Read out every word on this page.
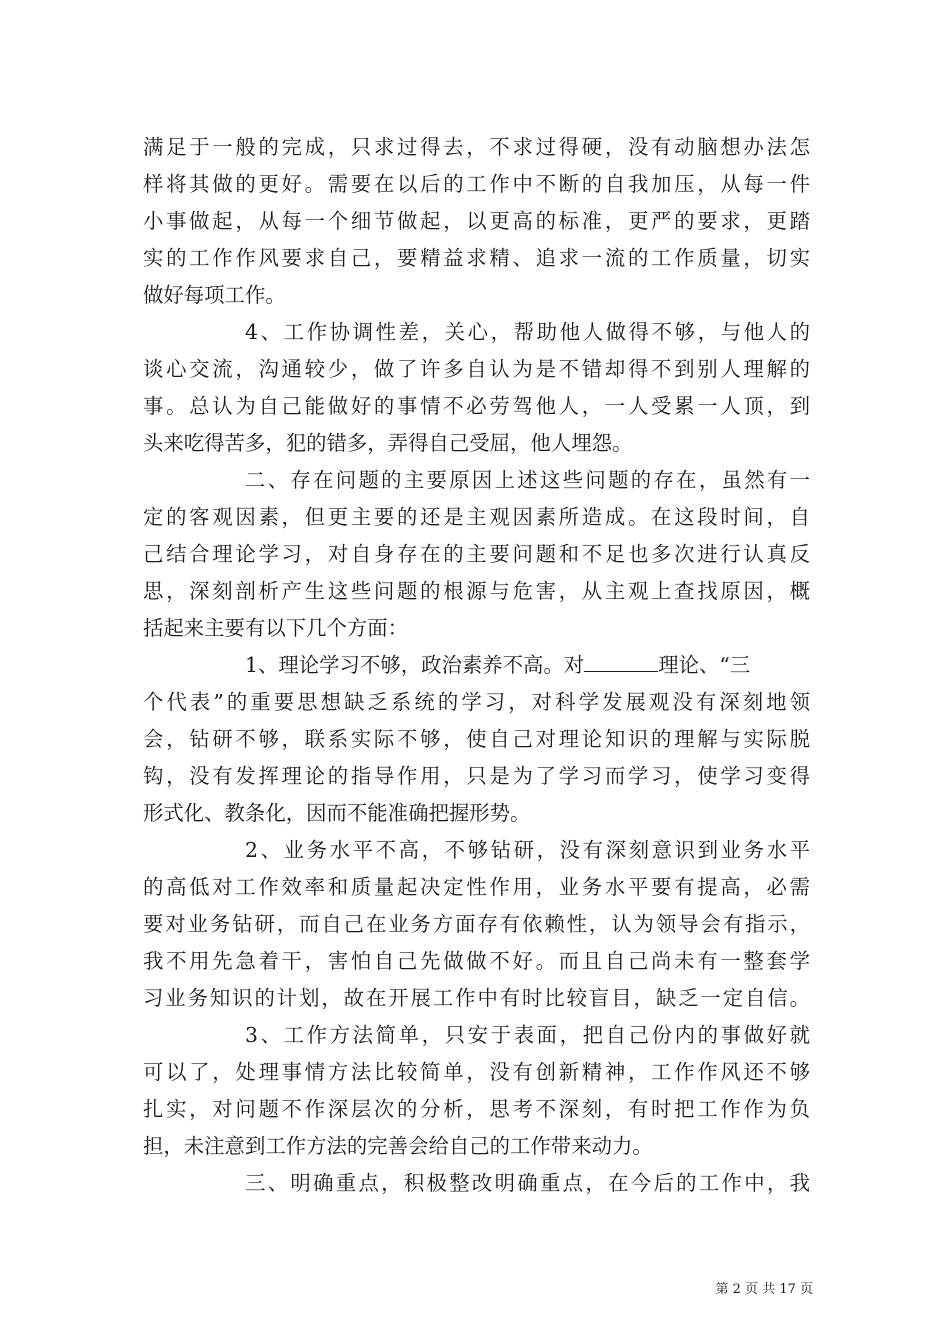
满足于一般的完成，只求过得去，不求过得硬，没有动脑想办法怎
样将其做的更好。需要在以后的工作中不断的自我加压，从每一件
小事做起，从每一个细节做起，以更高的标准，更严的要求，更踏
实的工作作风要求自己，要精益求精、追求一流的工作质量，切实
做好每项工作。
4、工作协调性差，关心，帮助他人做得不够，与他人的
谈心交流，沟通较少，做了许多自认为是不错却得不到别人理解的
事。总认为自己能做好的事情不必劳驾他人，一人受累一人顶，到
头来吃得苦多，犯的错多，弄得自己受屈，他人埋怨。
二、存在问题的主要原因上述这些问题的存在，虽然有一
定的客观因素，但更主要的还是主观因素所造成。在这段时间，自
己结合理论学习，对自身存在的主要问题和不足也多次进行认真反
思，深刻剖析产生这些问题的根源与危害，从主观上查找原因，概
括起来主要有以下几个方面：
1、理论学习不够，政治素养不高。对	理论、“三
个代表”的重要思想缺乏系统的学习，对科学发展观没有深刻地领
会，钻研不够，联系实际不够，使自己对理论知识的理解与实际脱
钩，没有发挥理论的指导作用，只是为了学习而学习，使学习变得
形式化、教条化，因而不能准确把握形势。
2、业务水平不高，不够钻研，没有深刻意识到业务水平
的高低对工作效率和质量起决定性作用，业务水平要有提高，必需
要对业务钻研，而自己在业务方面存有依赖性，认为领导会有指示，
我不用先急着干，害怕自己先做做不好。而且自己尚未有一整套学
习业务知识的计划，故在开展工作中有时比较盲目，缺乏一定自信。
3、工作方法简单，只安于表面，把自己份内的事做好就
可以了，处理事情方法比较简单，没有创新精神，工作作风还不够
扎实，对问题不作深层次的分析，思考不深刻，有时把工作作为负
担，未注意到工作方法的完善会给自己的工作带来动力。
三、明确重点，积极整改明确重点，在今后的工作中，我
第 2 页 共 17 页
